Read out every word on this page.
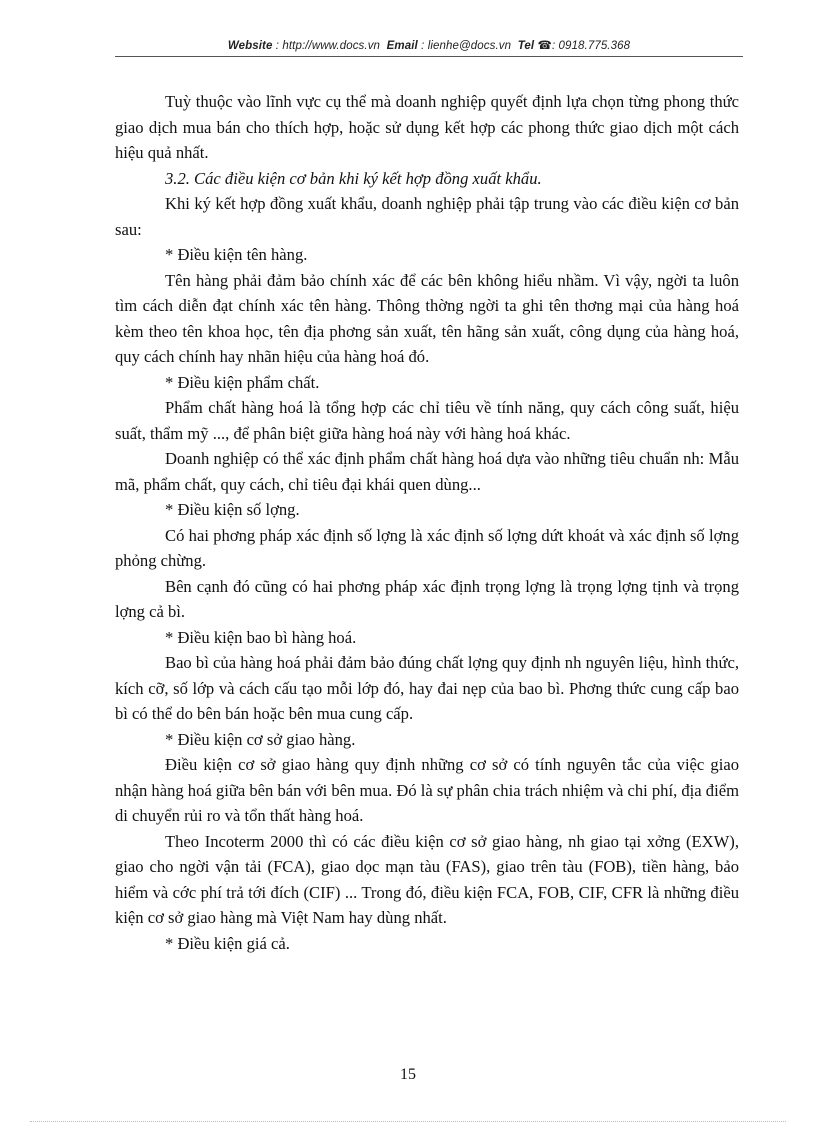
Website : http://www.docs.vn Email : lienhe@docs.vn Tel ☎: 0918.775.368

Tuỳ thuộc vào lĩnh vực cụ thể mà doanh nghiệp quyết định lựa chọn từng phong thức giao dịch mua bán cho thích hợp, hoặc sử dụng kết hợp các phong thức giao dịch một cách hiệu quả nhất.

3.2. Các điều kiện cơ bản khi ký kết hợp đồng xuất khẩu.

Khi ký kết hợp đồng xuất khẩu, doanh nghiệp phải tập trung vào các điều kiện cơ bản sau:

* Điều kiện tên hàng.

Tên hàng phải đảm bảo chính xác để các bên không hiểu nhầm. Vì vậy, ngời ta luôn tìm cách diễn đạt chính xác tên hàng. Thông thờng ngời ta ghi tên thơng mại của hàng hoá kèm theo tên khoa học, tên địa phơng sản xuất, tên hãng sản xuất, công dụng của hàng hoá, quy cách chính hay nhãn hiệu của hàng hoá đó.

* Điều kiện phẩm chất.

Phẩm chất hàng hoá là tổng hợp các chỉ tiêu về tính năng, quy cách công suất, hiệu suất, thẩm mỹ ..., để phân biệt giữa hàng hoá này với hàng hoá khác.

Doanh nghiệp có thể xác định phẩm chất hàng hoá dựa vào những tiêu chuẩn nh: Mẫu mã, phẩm chất, quy cách, chỉ tiêu đại khái quen dùng...

* Điều kiện số lợng.

Có hai phơng pháp xác định số lợng là xác định số lợng dứt khoát và xác định số lợng phỏng chừng.

Bên cạnh đó cũng có hai phơng pháp xác định trọng lợng là trọng lợng tịnh và trọng lợng cả bì.

* Điều kiện bao bì hàng hoá.

Bao bì của hàng hoá phải đảm bảo đúng chất lợng quy định nh nguyên liệu, hình thức, kích cỡ, số lớp và cách cấu tạo mỗi lớp đó, hay đai nẹp của bao bì. Phơng thức cung cấp bao bì có thể do bên bán hoặc bên mua cung cấp.

* Điều kiện cơ sở giao hàng.

Điều kiện cơ sở giao hàng quy định những cơ sở có tính nguyên tắc của việc giao nhận hàng hoá giữa bên bán với bên mua. Đó là sự phân chia trách nhiệm và chi phí, địa điểm di chuyển rủi ro và tổn thất hàng hoá.

Theo Incoterm 2000 thì có các điều kiện cơ sở giao hàng, nh giao tại xởng (EXW), giao cho ngời vận tải (FCA), giao dọc mạn tàu (FAS), giao trên tàu (FOB), tiền hàng, bảo hiểm và cớc phí trả tới đích (CIF) ... Trong đó, điều kiện FCA, FOB, CIF, CFR là những điều kiện cơ sở giao hàng mà Việt Nam hay dùng nhất.

* Điều kiện giá cả.

15
